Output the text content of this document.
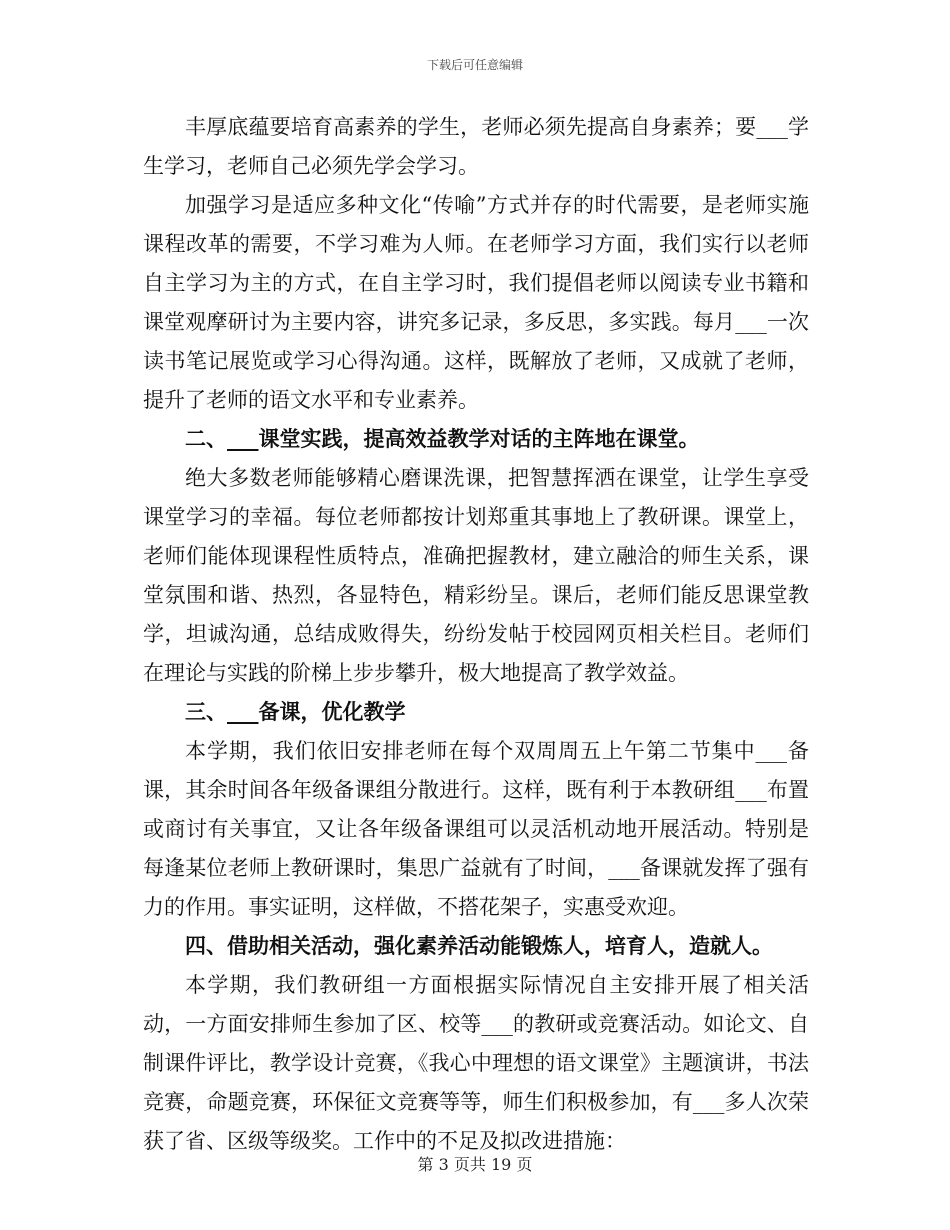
下载后可任意编辑

丰厚底蕴要培育高素养的学生，老师必须先提高自身素养；要___学生学习，老师自己必须先学会学习。

加强学习是适应多种文化“传喻”方式并存的时代需要，是老师实施课程改革的需要，不学习难为人师。在老师学习方面，我们实行以老师自主学习为主的方式，在自主学习时，我们提倡老师以阅读专业书籍和课堂观摩研讨为主要内容，讲究多记录，多反思，多实践。每月___一次读书笔记展览或学习心得沟通。这样，既解放了老师，又成就了老师，提升了老师的语文水平和专业素养。

二、___课堂实践，提高效益教学对话的主阵地在课堂。

绝大多数老师能够精心磨课洗课，把智慧挥洒在课堂，让学生享受课堂学习的幸福。每位老师都按计划郑重其事地上了教研课。课堂上，老师们能体现课程性质特点，准确把握教材，建立融洽的师生关系，课堂氛围和谐、热烈，各显特色，精彩纷呈。课后，老师们能反思课堂教学，坦诚沟通，总结成败得失，纷纷发帖于校园网页相关栏目。老师们在理论与实践的阶梯上步步攀升，极大地提高了教学效益。

三、___备课，优化教学

本学期，我们依旧安排老师在每个双周周五上午第二节集中___备课，其余时间各年级备课组分散进行。这样，既有利于本教研组___布置或商讨有关事宜，又让各年级备课组可以灵活机动地开展活动。特别是每逢某位老师上教研课时，集思广益就有了时间，___备课就发挥了强有力的作用。事实证明，这样做，不搭花架子，实惠受欢迎。

四、借助相关活动，强化素养活动能锻炼人，培育人，造就人。

本学期，我们教研组一方面根据实际情况自主安排开展了相关活动，一方面安排师生参加了区、校等___的教研或竞赛活动。如论文、自制课件评比，教学设计竞赛，《我心中理想的语文课堂》主题演讲，书法竞赛，命题竞赛，环保征文竞赛等等，师生们积极参加，有___多人次荣获了省、区级等级奖。工作中的不足及拟改进措施：

第 3 页共 19 页
